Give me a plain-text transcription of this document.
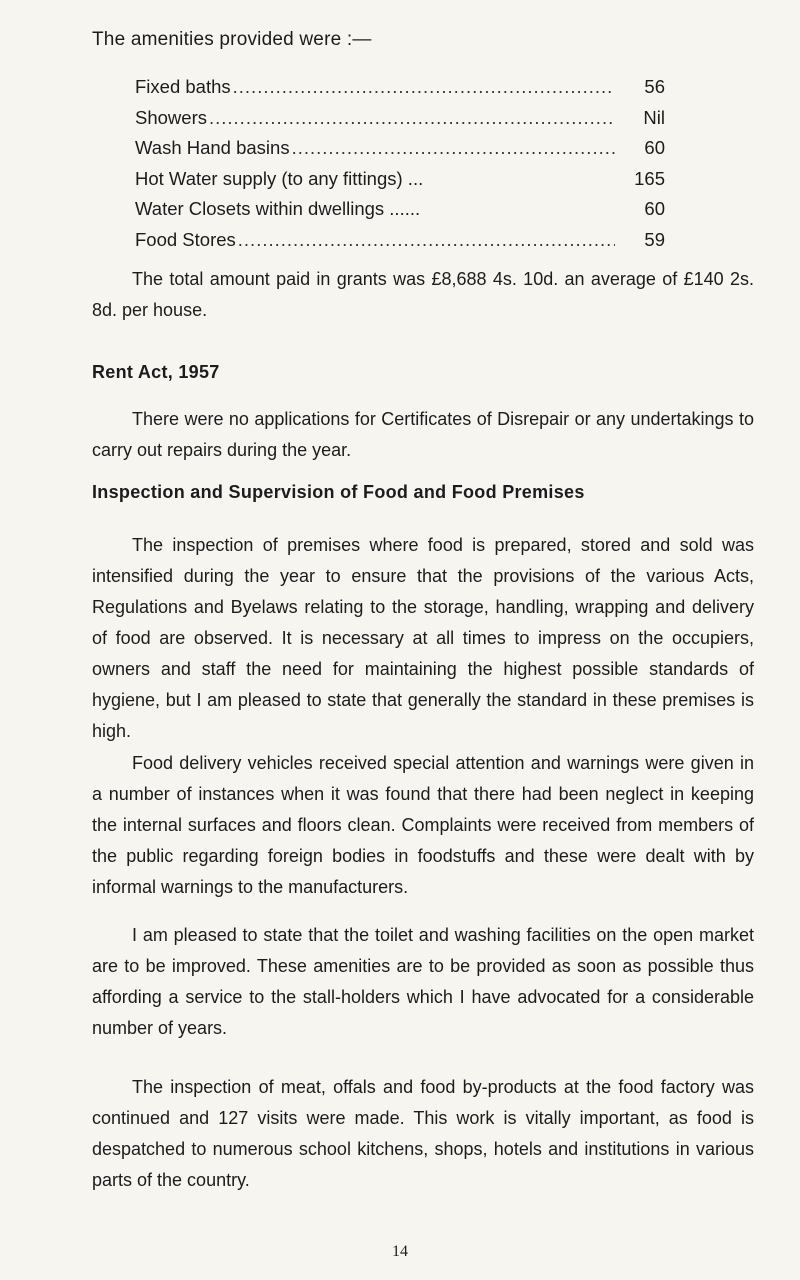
The amenities provided were :—
Fixed baths .....	56
Showers .....	Nil
Wash Hand basins .....	60
Hot Water supply (to any fittings) ...	165
Water Closets within dwellings ......	60
Food Stores .....	59

The total amount paid in grants was £8,688 4s. 10d. an average of £140 2s. 8d. per house.

Rent Act, 1957

There were no applications for Certificates of Disrepair or any undertakings to carry out repairs during the year.

Inspection and Supervision of Food and Food Premises

The inspection of premises where food is prepared, stored and sold was intensified during the year to ensure that the provisions of the various Acts, Regulations and Byelaws relating to the storage, handling, wrapping and delivery of food are observed. It is necessary at all times to impress on the occupiers, owners and staff the need for maintaining the highest possible standards of hygiene, but I am pleased to state that generally the standard in these premises is high.

Food delivery vehicles received special attention and warnings were given in a number of instances when it was found that there had been neglect in keeping the internal surfaces and floors clean. Complaints were received from members of the public regarding foreign bodies in foodstuffs and these were dealt with by informal warnings to the manufacturers.

I am pleased to state that the toilet and washing facilities on the open market are to be improved. These amenities are to be provided as soon as possible thus affording a service to the stall-holders which I have advocated for a considerable number of years.

The inspection of meat, offals and food by-products at the food factory was continued and 127 visits were made. This work is vitally important, as food is despatched to numerous school kitchens, shops, hotels and institutions in various parts of the country.

14
